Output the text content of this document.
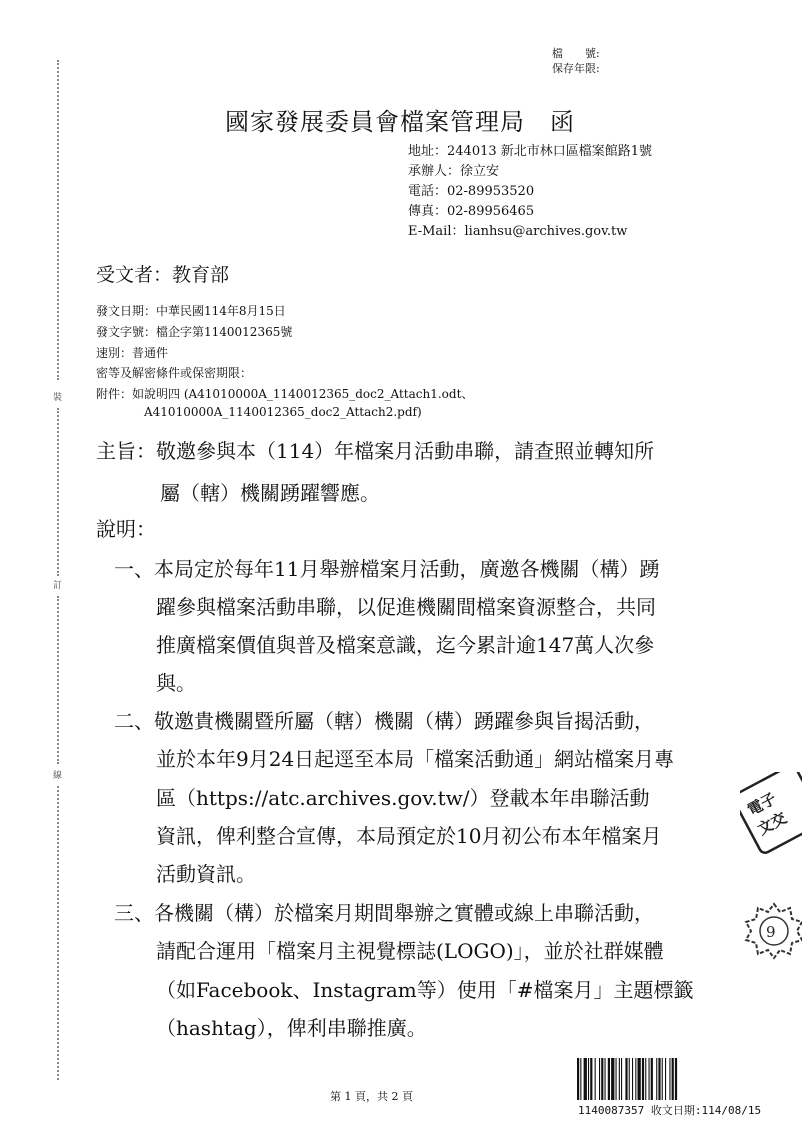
裝
訂
線
檔　　號:
保存年限:
國家發展委員會檔案管理局　函
地址：244013 新北市林口區檔案館路1號
承辦人：徐立安
電話：02-89953520
傳真：02-89956465
E-Mail：lianhsu@archives.gov.tw
受文者：教育部
發文日期：中華民國114年8月15日
發文字號：檔企字第1140012365號
速別：普通件
密等及解密條件或保密期限：
附件：如說明四 (A41010000A_1140012365_doc2_Attach1.odt、
A41010000A_1140012365_doc2_Attach2.pdf)
主旨：敬邀參與本（114）年檔案月活動串聯，請查照並轉知所
屬（轄）機關踴躍響應。
說明：
一、本局定於每年11月舉辦檔案月活動，廣邀各機關（構）踴
躍參與檔案活動串聯，以促進機關間檔案資源整合，共同
推廣檔案價值與普及檔案意識，迄今累計逾147萬人次參
與。
二、敬邀貴機關暨所屬（轄）機關（構）踴躍參與旨揭活動，
並於本年9月24日起逕至本局「檔案活動通」網站檔案月專
區（https://atc.archives.gov.tw/）登載本年串聯活動
資訊，俾利整合宣傳，本局預定於10月初公布本年檔案月
活動資訊。
三、各機關（構）於檔案月期間舉辦之實體或線上串聯活動，
請配合運用「檔案月主視覺標誌(LOGO)」，並於社群媒體
（如Facebook、Instagram等）使用「#檔案月」主題標籤
（hashtag），俾利串聯推廣。
電子
文交
9
第 1 頁，共 2 頁
1140087357 收文日期:114/08/15
